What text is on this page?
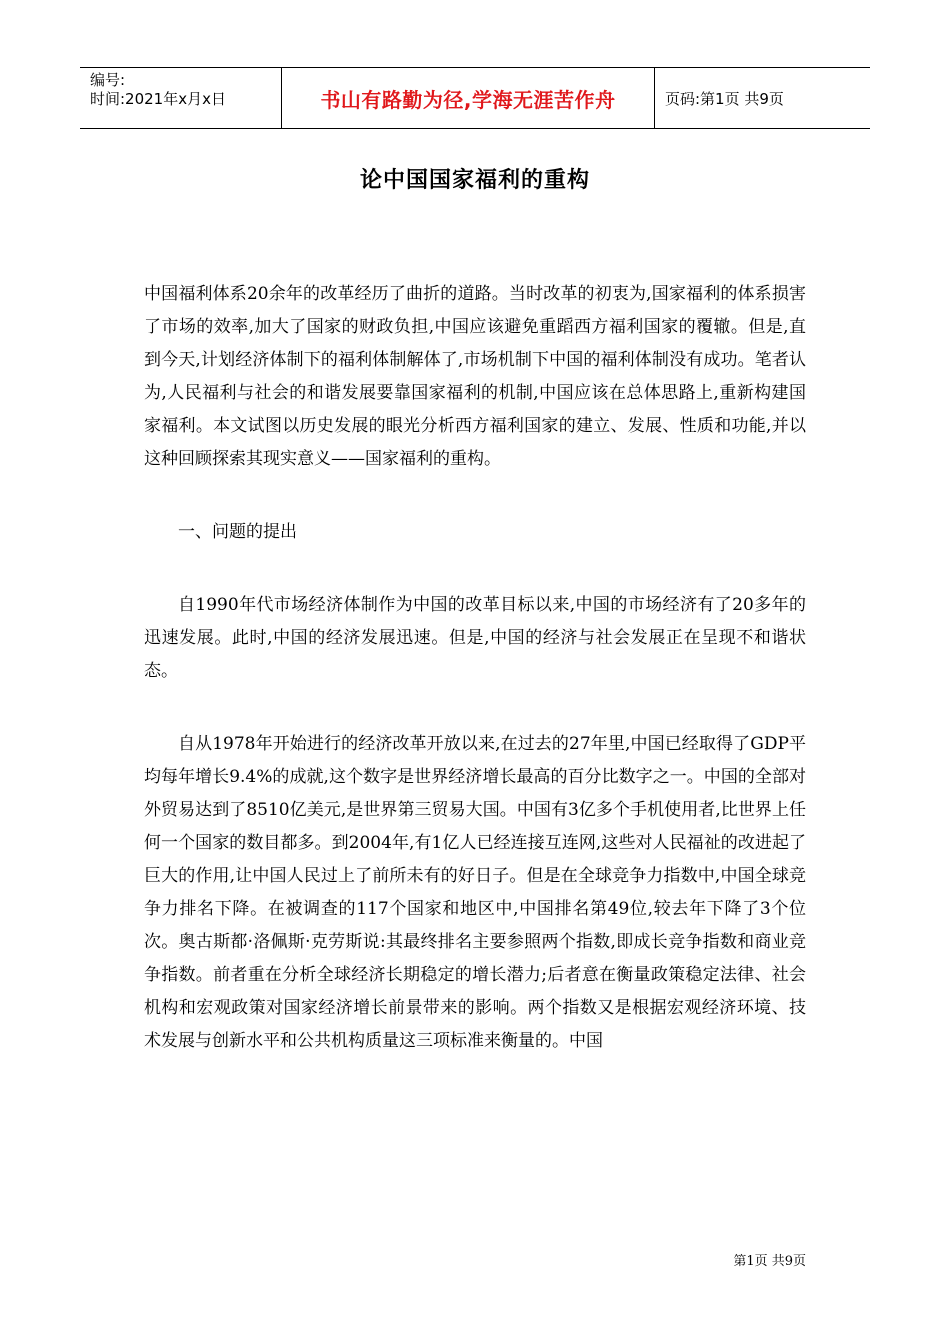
编号:
时间:2021年x月x日	书山有路勤为径,学海无涯苦作舟	页码:第1页 共9页
论中国国家福利的重构

中国福利体系20余年的改革经历了曲折的道路。当时改革的初衷为,国家福利的体系损害了市场的效率,加大了国家的财政负担,中国应该避免重蹈西方福利国家的覆辙。但是,直到今天,计划经济体制下的福利体制解体了,市场机制下中国的福利体制没有成功。笔者认为,人民福利与社会的和谐发展要靠国家福利的机制,中国应该在总体思路上,重新构建国家福利。本文试图以历史发展的眼光分析西方福利国家的建立、发展、性质和功能,并以这种回顾探索其现实意义——国家福利的重构。

一、问题的提出

自1990年代市场经济体制作为中国的改革目标以来,中国的市场经济有了20多年的迅速发展。此时,中国的经济发展迅速。但是,中国的经济与社会发展正在呈现不和谐状态。

自从1978年开始进行的经济改革开放以来,在过去的27年里,中国已经取得了GDP平均每年增长9.4%的成就,这个数字是世界经济增长最高的百分比数字之一。中国的全部对外贸易达到了8510亿美元,是世界第三贸易大国。中国有3亿多个手机使用者,比世界上任何一个国家的数目都多。到2004年,有1亿人已经连接互连网,这些对人民福祉的改进起了巨大的作用,让中国人民过上了前所未有的好日子。但是在全球竞争力指数中,中国全球竞争力排名下降。在被调查的117个国家和地区中,中国排名第49位,较去年下降了3个位次。奥古斯都·洛佩斯·克劳斯说:其最终排名主要参照两个指数,即成长竞争指数和商业竞争指数。前者重在分析全球经济长期稳定的增长潜力;后者意在衡量政策稳定法律、社会机构和宏观政策对国家经济增长前景带来的影响。两个指数又是根据宏观经济环境、技术发展与创新水平和公共机构质量这三项标准来衡量的。中国

第1页 共9页
